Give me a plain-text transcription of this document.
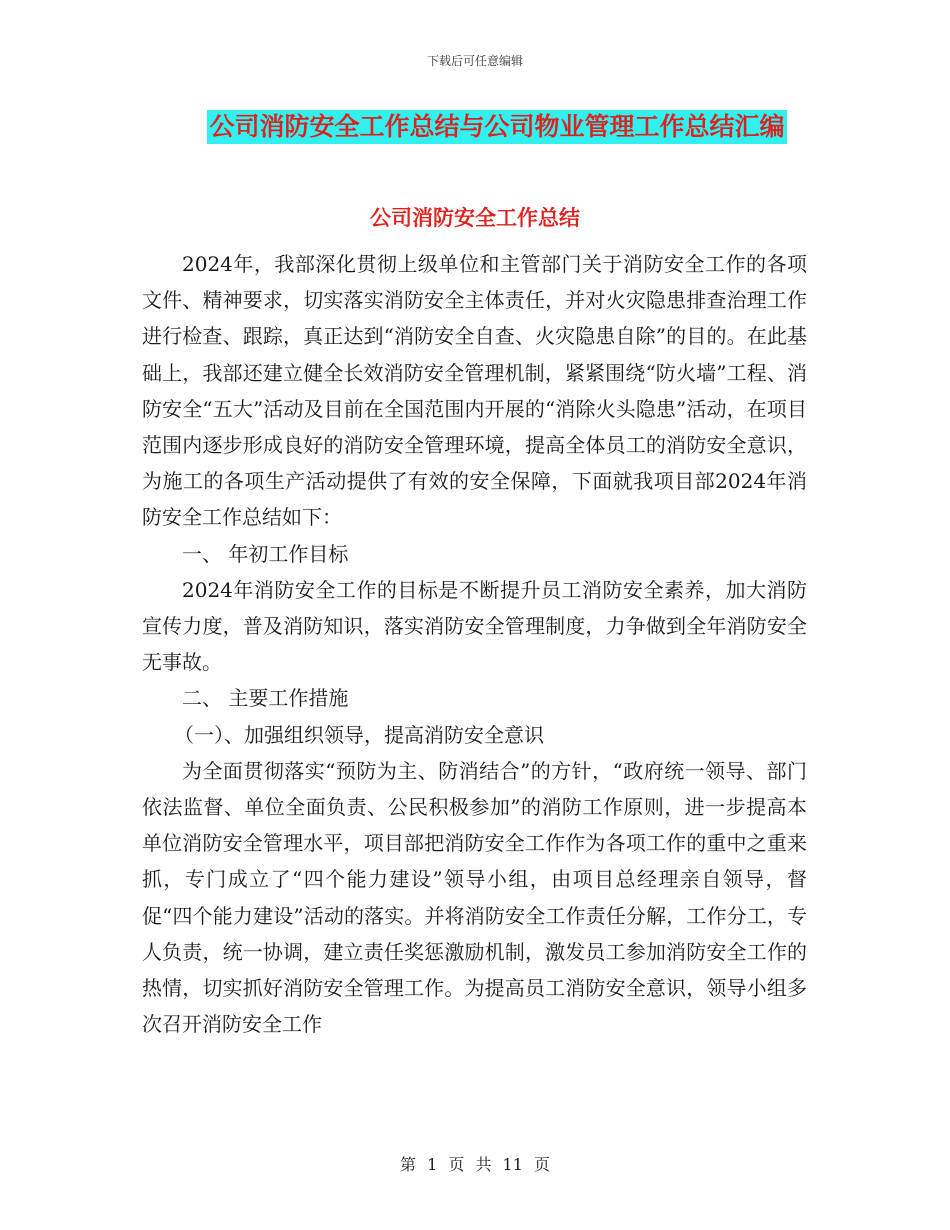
下载后可任意编辑
公司消防安全工作总结与公司物业管理工作总结汇编
公司消防安全工作总结

2024年，我部深化贯彻上级单位和主管部门关于消防安全工作的各项文件、精神要求，切实落实消防安全主体责任，并对火灾隐患排查治理工作进行检查、跟踪，真正达到“消防安全自查、火灾隐患自除”的目的。在此基础上，我部还建立健全长效消防安全管理机制，紧紧围绕“防火墙”工程、消防安全“五大”活动及目前在全国范围内开展的“消除火头隐患”活动，在项目范围内逐步形成良好的消防安全管理环境，提高全体员工的消防安全意识，为施工的各项生产活动提供了有效的安全保障，下面就我项目部2024年消防安全工作总结如下：

一、 年初工作目标

2024年消防安全工作的目标是不断提升员工消防安全素养，加大消防宣传力度，普及消防知识，落实消防安全管理制度，力争做到全年消防安全无事故。

二、 主要工作措施

（一）、加强组织领导，提高消防安全意识

为全面贯彻落实“预防为主、防消结合”的方针，“政府统一领导、部门依法监督、单位全面负责、公民积极参加”的消防工作原则，进一步提高本单位消防安全管理水平，项目部把消防安全工作作为各项工作的重中之重来抓，专门成立了“四个能力建设”领导小组，由项目总经理亲自领导，督促“四个能力建设”活动的落实。并将消防安全工作责任分解，工作分工，专人负责，统一协调，建立责任奖惩激励机制，激发员工参加消防安全工作的热情，切实抓好消防安全管理工作。为提高员工消防安全意识，领导小组多次召开消防安全工作

第 1 页 共 11 页
